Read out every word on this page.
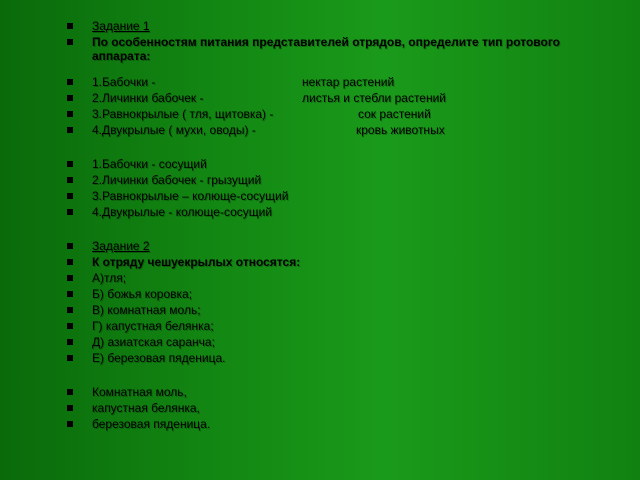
Задание 1
По особенностям питания представителей отрядов, определите тип ротового аппарата:
1.Бабочки -	нектар растений
2.Личинки бабочек -	листья и стебли растений
3.Равнокрылые ( тля, щитовка) -	сок растений
4.Двукрылые ( мухи, оводы) -	кровь животных
1.Бабочки - сосущий
2.Личинки бабочек - грызущий
3.Равнокрылые – колюще-сосущий
4.Двукрылые - колюще-сосущий
Задание 2
К отряду чешуекрылых относятся:
А)тля;
Б) божья коровка;
В) комнатная моль;
Г) капустная белянка;
Д) азиатская саранча;
Е) березовая пяденица.
Комнатная моль,
капустная белянка,
березовая пяденица.
